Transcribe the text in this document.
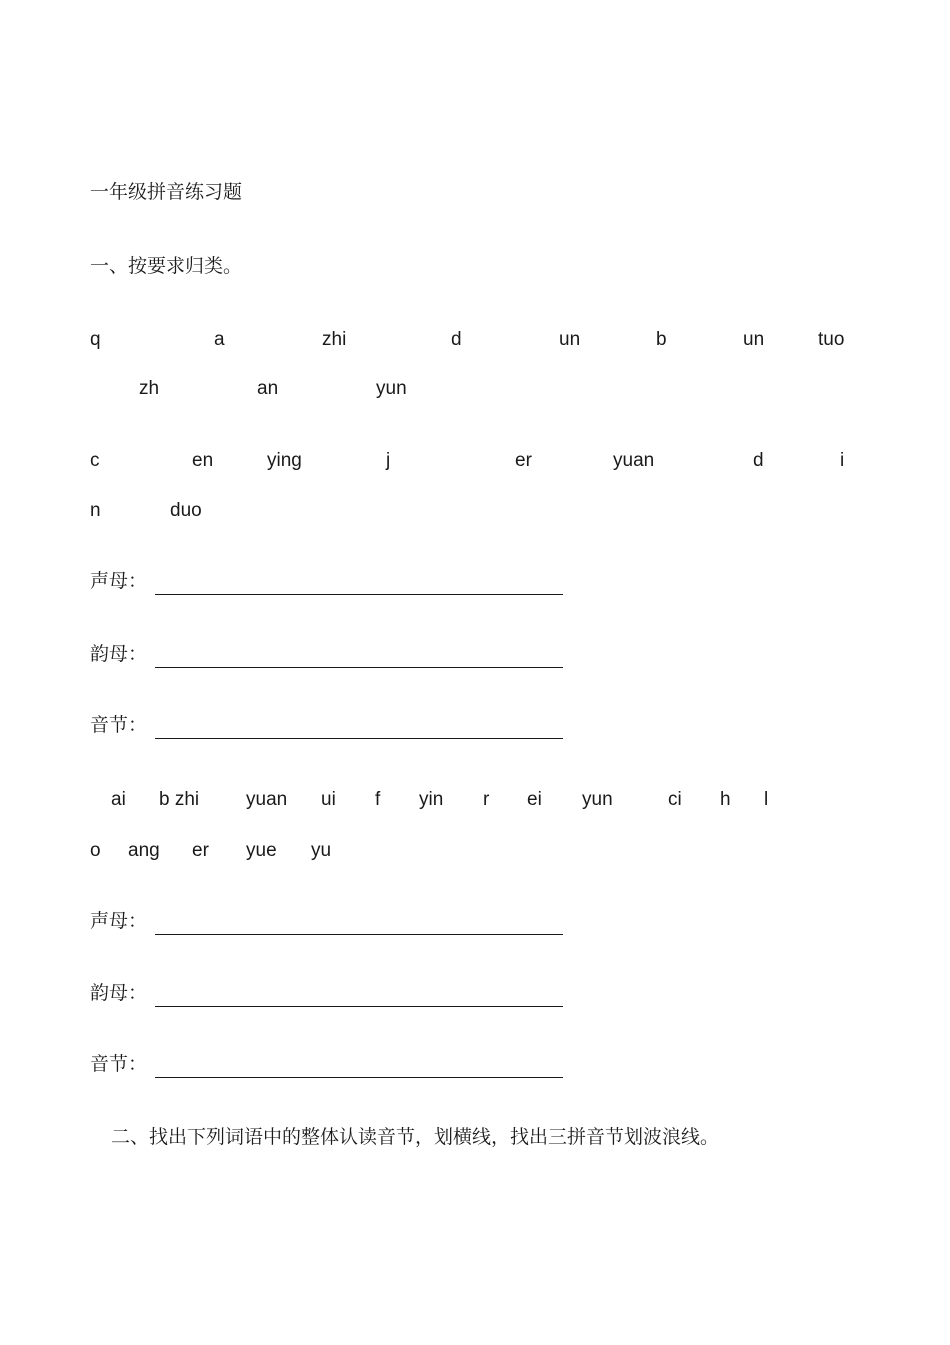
一年级拼音练习题
一、按要求归类。
q	a	zhi	d	un	b	un	tuo
zh	an	yun
c	en	ying	j	er	yuan	d	i
n	duo
声母：
韵母：
音节：
ai b zhi yuan ui f yin r ei yun	ci h l
o ang er yue yu
声母：
韵母：
音节：
二、找出下列词语中的整体认读音节，划横线，找出三拼音节划波浪线。
